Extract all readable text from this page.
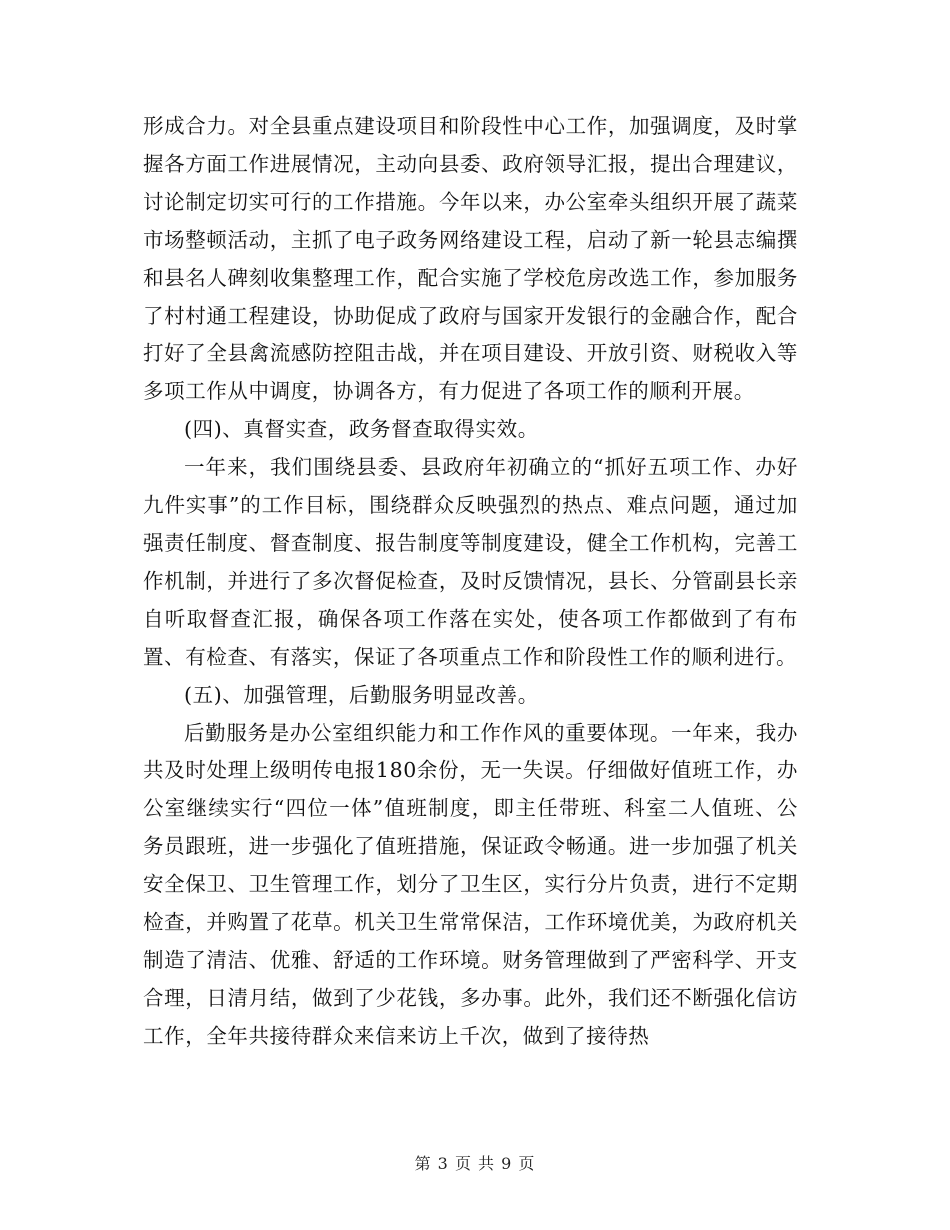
形成合力。对全县重点建设项目和阶段性中心工作，加强调度，及时掌握各方面工作进展情况，主动向县委、政府领导汇报，提出合理建议，讨论制定切实可行的工作措施。今年以来，办公室牵头组织开展了蔬菜市场整顿活动，主抓了电子政务网络建设工程，启动了新一轮县志编撰和县名人碑刻收集整理工作，配合实施了学校危房改选工作，参加服务了村村通工程建设，协助促成了政府与国家开发银行的金融合作，配合打好了全县禽流感防控阻击战，并在项目建设、开放引资、财税收入等多项工作从中调度，协调各方，有力促进了各项工作的顺利开展。

(四)、真督实查，政务督查取得实效。

一年来，我们围绕县委、县政府年初确立的“抓好五项工作、办好九件实事”的工作目标，围绕群众反映强烈的热点、难点问题，通过加强责任制度、督查制度、报告制度等制度建设，健全工作机构，完善工作机制，并进行了多次督促检查，及时反馈情况，县长、分管副县长亲自听取督查汇报，确保各项工作落在实处，使各项工作都做到了有布置、有检查、有落实，保证了各项重点工作和阶段性工作的顺利进行。

(五)、加强管理，后勤服务明显改善。

后勤服务是办公室组织能力和工作作风的重要体现。一年来，我办共及时处理上级明传电报180余份，无一失误。仔细做好值班工作，办公室继续实行“四位一体”值班制度，即主任带班、科室二人值班、公务员跟班，进一步强化了值班措施，保证政令畅通。进一步加强了机关安全保卫、卫生管理工作，划分了卫生区，实行分片负责，进行不定期检查，并购置了花草。机关卫生常常保洁，工作环境优美，为政府机关制造了清洁、优雅、舒适的工作环境。财务管理做到了严密科学、开支合理，日清月结，做到了少花钱，多办事。此外，我们还不断强化信访工作，全年共接待群众来信来访上千次，做到了接待热

第 3 页 共 9 页
